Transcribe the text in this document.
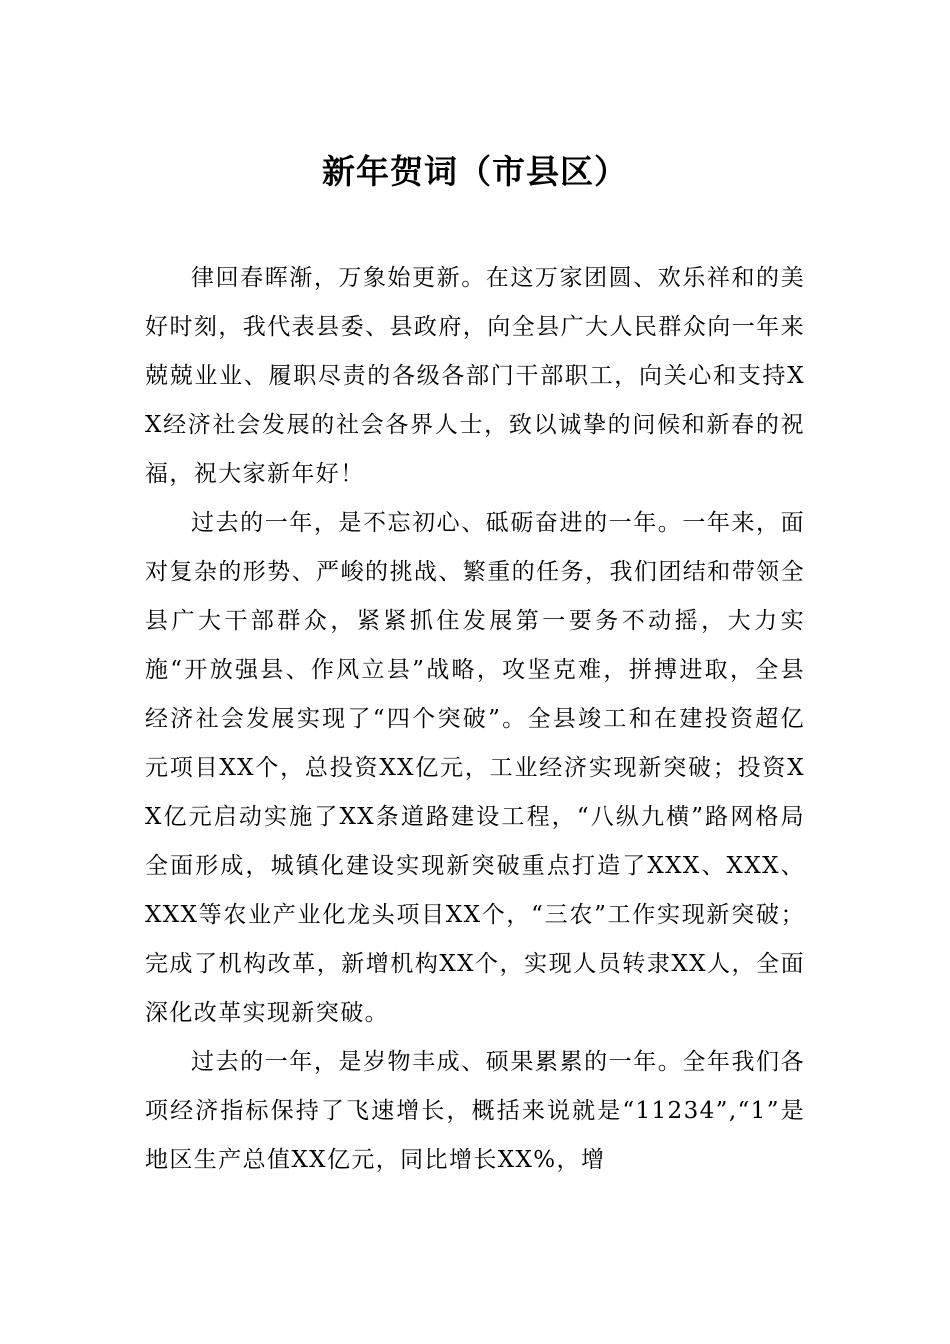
新年贺词（市县区）

律回春晖渐，万象始更新。在这万家团圆、欢乐祥和的美好时刻，我代表县委、县政府，向全县广大人民群众向一年来兢兢业业、履职尽责的各级各部门干部职工，向关心和支持XX经济社会发展的社会各界人士，致以诚挚的问候和新春的祝福，祝大家新年好！

过去的一年，是不忘初心、砥砺奋进的一年。一年来，面对复杂的形势、严峻的挑战、繁重的任务，我们团结和带领全县广大干部群众，紧紧抓住发展第一要务不动摇，大力实施“开放强县、作风立县”战略，攻坚克难，拼搏进取，全县经济社会发展实现了“四个突破”。全县竣工和在建投资超亿元项目XX个，总投资XX亿元，工业经济实现新突破；投资XX亿元启动实施了XX条道路建设工程，“八纵九横”路网格局全面形成，城镇化建设实现新突破重点打造了XXX、XXX、XXX等农业产业化龙头项目XX个，“三农”工作实现新突破；完成了机构改革，新增机构XX个，实现人员转隶XX人，全面深化改革实现新突破。

过去的一年，是岁物丰成、硕果累累的一年。全年我们各项经济指标保持了飞速增长，概括来说就是“11234”,“1”是地区生产总值XX亿元，同比增长XX%，增
